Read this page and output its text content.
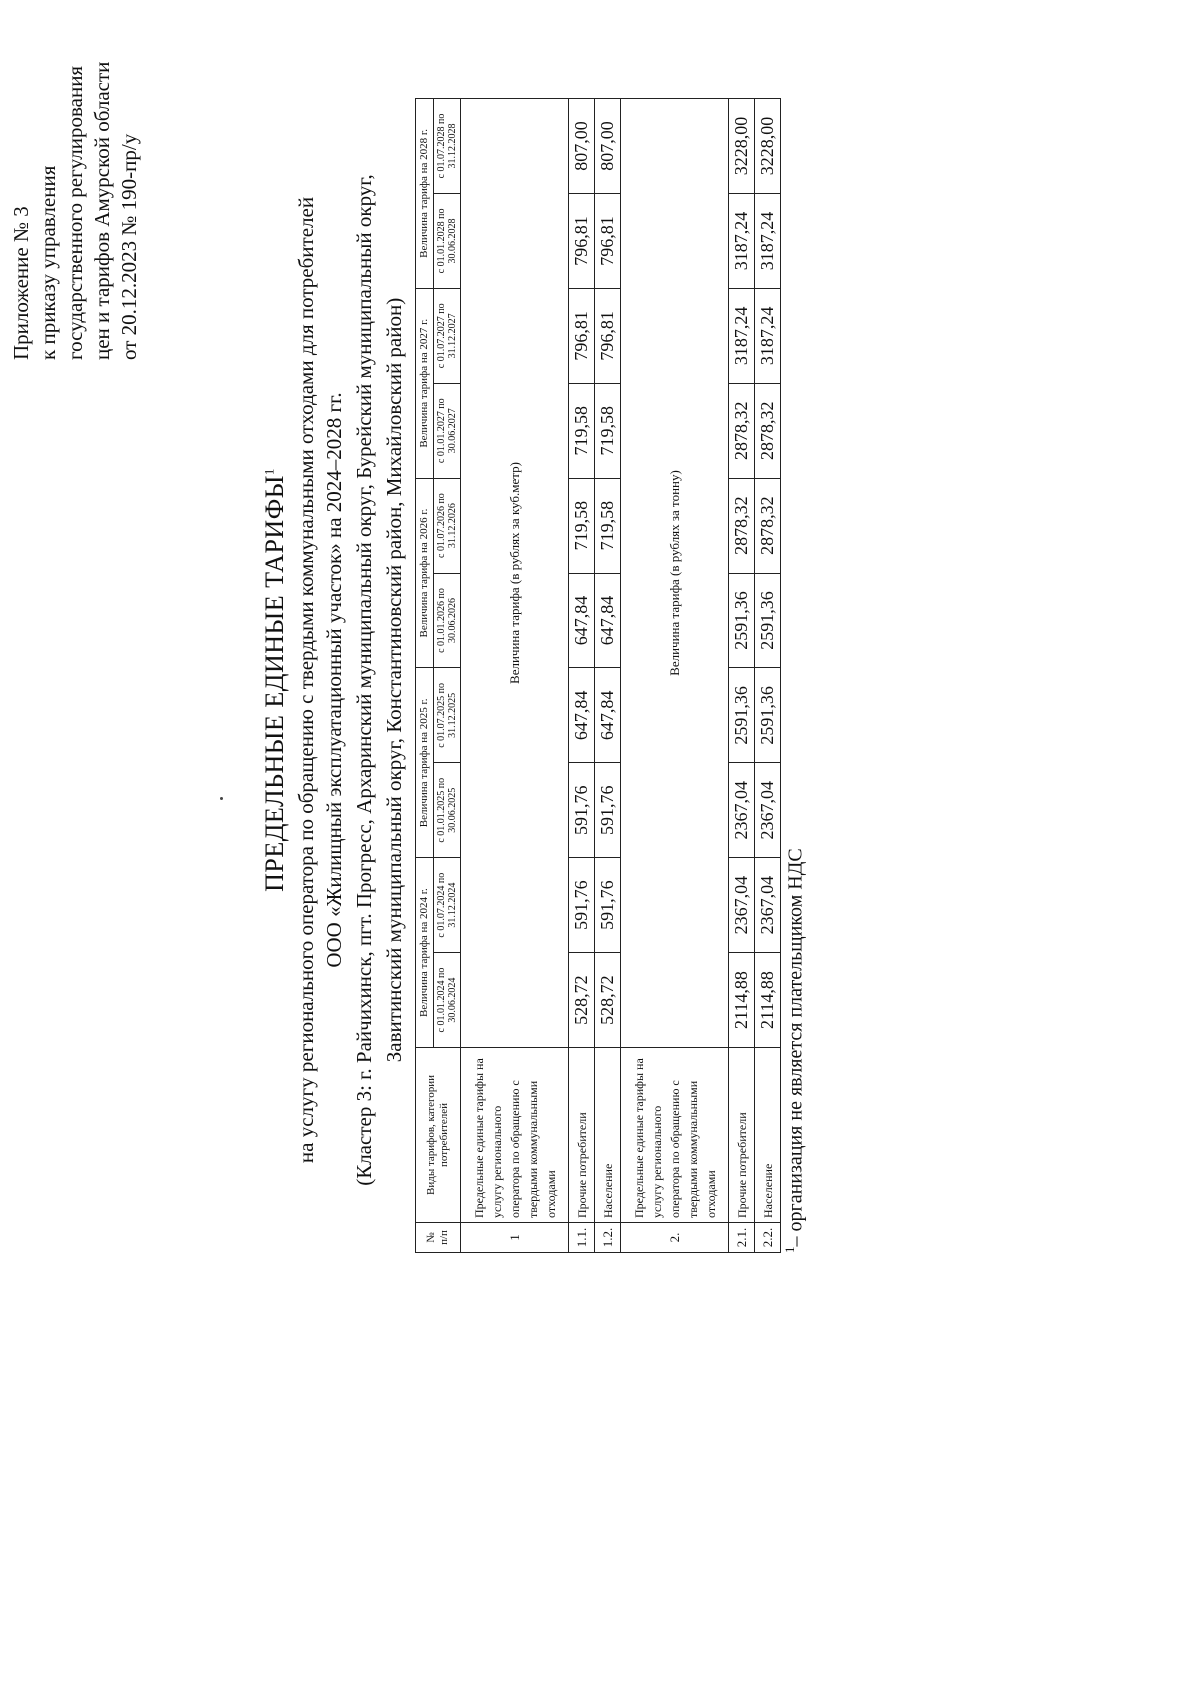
Приложение № 3 к приказу управления государственного регулирования цен и тарифов Амурской области от 20.12.2023 № 190-пр/у
ПРЕДЕЛЬНЫЕ ЕДИНЫЕ ТАРИФЫ$^1$ на услугу регионального оператора по обращению с твердыми коммунальными отходами для потребителей ООО «Жилищный эксплуатационный участок» на 2024–2028 гг. (Кластер 3: г. Райчихинск, пгт. Прогресс, Архаринский муниципальный округ, Бурейский муниципальный округ, Завитинский муниципальный округ, Константиновский район, Михайловский район)
№ п/п	Виды тарифов, категории потребителей	Величина тарифа на 2024 г.		Величина тарифа на 2025 г.		Величина тарифа на 2026 г.		Величина тарифа на 2027 г.		Величина тарифа на 2028 г.	
		с 01.01.2024 по 30.06.2024	с 01.07.2024 по 31.12.2024	с 01.01.2025 по 30.06.2025	с 01.07.2025 по 31.12.2025	с 01.01.2026 по 30.06.2026	с 01.07.2026 по 31.12.2026	с 01.01.2027 по 30.06.2027	с 01.07.2027 по 31.12.2027	с 01.01.2028 по 30.06.2028	с 01.07.2028 по 31.12.2028
1	Предельные единые тарифы на услугу регионального оператора по обращению с твердыми коммунальными отходами	Величина тарифа (в рублях за куб.метр)									
1.1.	Прочие потребители	528,72	591,76	591,76	647,84	647,84	719,58	719,58	796,81	796,81	807,00
1.2.	Население	528,72	591,76	591,76	647,84	647,84	719,58	719,58	796,81	796,81	807,00
2.	Предельные единые тарифы на услугу регионального оператора по обращению с твердыми коммунальными отходами	Величина тарифа (в рублях за тонну)									
2.1.	Прочие потребители	2114,88	2367,04	2367,04	2591,36	2591,36	2878,32	2878,32	3187,24	3187,24	3228,00
2.2.	Население	2114,88	2367,04	2367,04	2591,36	2591,36	2878,32	2878,32	3187,24	3187,24	3228,00
$^1$– организация не является плательщиком НДС
